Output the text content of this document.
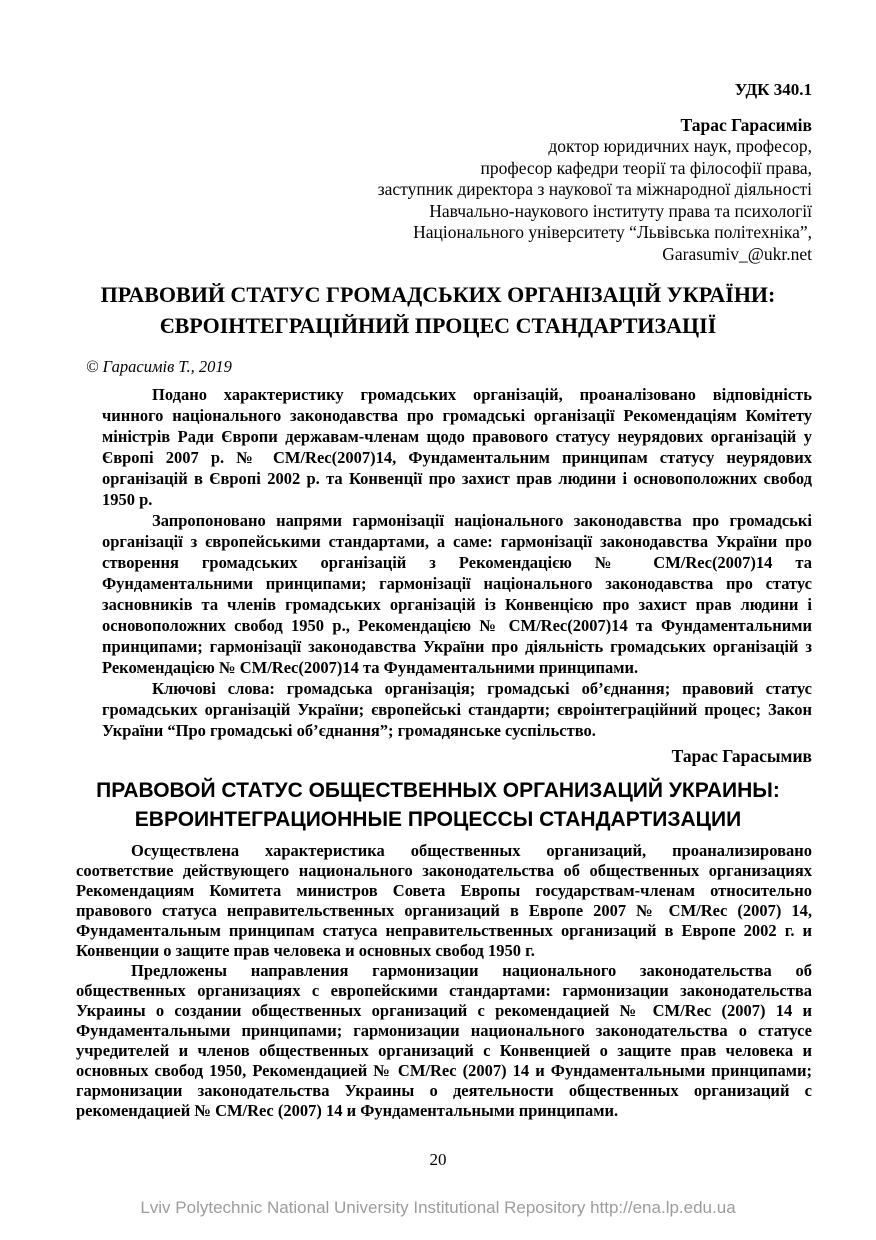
УДК 340.1
Тарас Гарасимів
доктор юридичних наук, професор,
професор кафедри теорії та філософії права,
заступник директора з наукової та міжнародної діяльності
Навчально-наукового інституту права та психології
Національного університету “Львівська політехніка”,
Garasumiv_@ukr.net
ПРАВОВИЙ СТАТУС ГРОМАДСЬКИХ ОРГАНІЗАЦІЙ УКРАЇНИ:
ЄВРОІНТЕГРАЦІЙНИЙ ПРОЦЕС СТАНДАРТИЗАЦІЇ
© Гарасимів Т., 2019

Подано характеристику громадських організацій, проаналізовано відповідність чинного національного законодавства про громадські організації Рекомендаціям Комітету міністрів Ради Європи державам-членам щодо правового статусу неурядових організацій у Європі 2007 р. № CM/Rec(2007)14, Фундаментальним принципам статусу неурядових організацій в Європі 2002 р. та Конвенції про захист прав людини і основоположних свобод 1950 р.

Запропоновано напрями гармонізації національного законодавства про громадські організації з європейськими стандартами, а саме: гармонізації законодавства України про створення громадських організацій з Рекомендацією № CM/Rec(2007)14 та Фундаментальними принципами; гармонізації національного законодавства про статус засновників та членів громадських організацій із Конвенцією про захист прав людини і основоположних свобод 1950 р., Рекомендацією № CM/Rec(2007)14 та Фундаментальними принципами; гармонізації законодавства України про діяльність громадських організацій з Рекомендацією № CM/Rec(2007)14 та Фундаментальними принципами.

Ключові слова: громадська організація; громадські об’єднання; правовий статус громадських організацій України; європейські стандарти; євроінтеграційний процес; Закон України “Про громадські об’єднання”; громадянське суспільство.

Тарас Гарасымив
ПРАВОВОЙ СТАТУС ОБЩЕСТВЕННЫХ ОРГАНИЗАЦИЙ УКРАИНЫ:
ЕВРОИНТЕГРАЦИОННЫЕ ПРОЦЕССЫ СТАНДАРТИЗАЦИИ

Осуществлена характеристика общественных организаций, проанализировано соответствие действующего национального законодательства об общественных организациях Рекомендациям Комитета министров Совета Европы государствам-членам относительно правового статуса неправительственных организаций в Европе 2007 № CM/Rec (2007) 14, Фундаментальным принципам статуса неправительственных организаций в Европе 2002 г. и Конвенции о защите прав человека и основных свобод 1950 г.

Предложены направления гармонизации национального законодательства об общественных организациях с европейскими стандартами: гармонизации законодательства Украины о создании общественных организаций с рекомендацией № CM/Rec (2007) 14 и Фундаментальными принципами; гармонизации национального законодательства о статусе учредителей и членов общественных организаций с Конвенцией о защите прав человека и основных свобод 1950, Рекомендацией № CM/Rec (2007) 14 и Фундаментальными принципами; гармонизации законодательства Украины о деятельности общественных организаций с рекомендацией № CM/Rec (2007) 14 и Фундаментальными принципами.

20
Lviv Polytechnic National University Institutional Repository http://ena.lp.edu.ua
